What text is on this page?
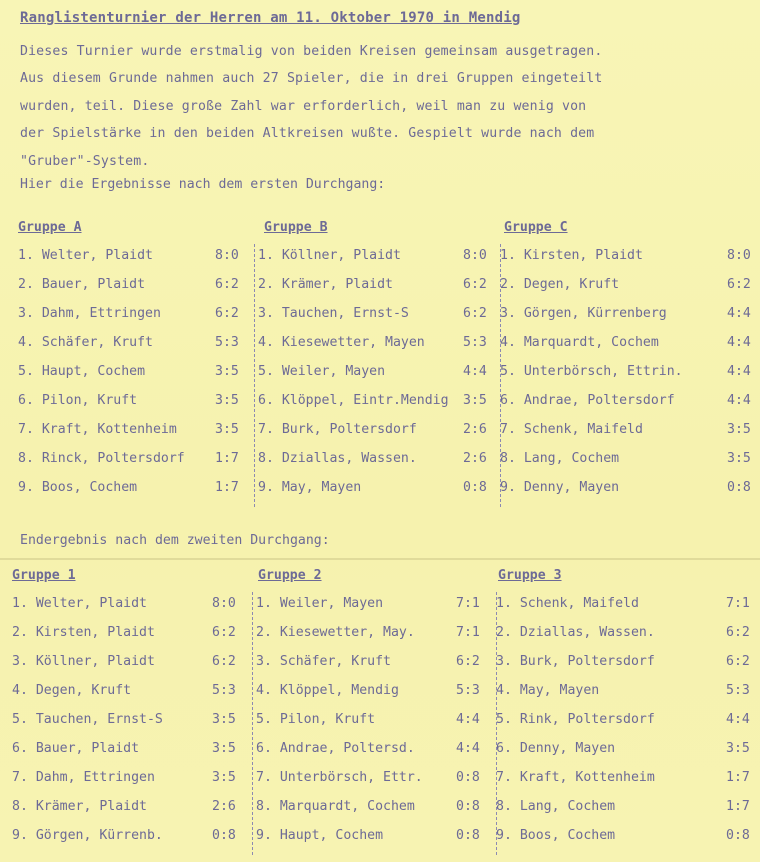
Ranglistenturnier der Herren am 11. Oktober 1970 in Mendig
Dieses Turnier wurde erstmalig von beiden Kreisen gemeinsam ausgetragen.
Aus diesem Grunde nahmen auch 27 Spieler, die in drei Gruppen eingeteilt
wurden, teil. Diese große Zahl war erforderlich, weil man zu wenig von
der Spielstärke in den beiden Altkreisen wußte. Gespielt wurde nach dem
"Gruber"-System.
Hier die Ergebnisse nach dem ersten Durchgang:
Gruppe A
1. Welter, Plaidt	8:0
2. Bauer, Plaidt	6:2
3. Dahm, Ettringen	6:2
4. Schäfer, Kruft	5:3
5. Haupt, Cochem	3:5
6. Pilon, Kruft	3:5
7. Kraft, Kottenheim	3:5
8. Rinck, Poltersdorf 1:7
9. Boos, Cochem	1:7
Gruppe B
1. Köllner, Plaidt	8:0
2. Krämer, Plaidt	6:2
3. Tauchen, Ernst-S	6:2
4. Kiesewetter, Mayen	5:3
5. Weiler, Mayen	4:4
6. Klöppel, Eintr.Mendig 3:5
7. Burk, Poltersdorf	2:6
8. Dziallas, Wassen.	2:6
9. May, Mayen	0:8
Gruppe C
1. Kirsten, Plaidt	8:0
2. Degen, Kruft	6:2
3. Görgen, Kürrenberg	4:4
4. Marquardt, Cochem	4:4
5. Unterbörsch, Ettrin.	4:4
6. Andrae, Poltersdorf	4:4
7. Schenk, Maifeld	3:5
8. Lang, Cochem	3:5
9. Denny, Mayen	0:8
Endergebnis nach dem zweiten Durchgang:
Gruppe 1
1. Welter, Plaidt	8:0
2. Kirsten, Plaidt	6:2
3. Köllner, Plaidt	6:2
4. Degen, Kruft	5:3
5. Tauchen, Ernst-S	3:5
6. Bauer, Plaidt	3:5
7. Dahm, Ettringen	3:5
8. Krämer, Plaidt	2:6
9. Görgen, Kürrenb.	0:8
Gruppe 2
1. Weiler, Mayen	7:1
2. Kiesewetter, May.	7:1
3. Schäfer, Kruft	6:2
4. Klöppel, Mendig	5:3
5. Pilon, Kruft	4:4
6. Andrae, Poltersd.	4:4
7. Unterbörsch, Ettr.	0:8
8. Marquardt, Cochem	0:8
9. Haupt, Cochem	0:8
Gruppe 3
1. Schenk, Maifeld	7:1
2. Dziallas, Wassen.	6:2
3. Burk, Poltersdorf	6:2
4. May, Mayen	5:3
5. Rink, Poltersdorf	4:4
6. Denny, Mayen	3:5
7. Kraft, Kottenheim	1:7
8. Lang, Cochem	1:7
9. Boos, Cochem	0:8
